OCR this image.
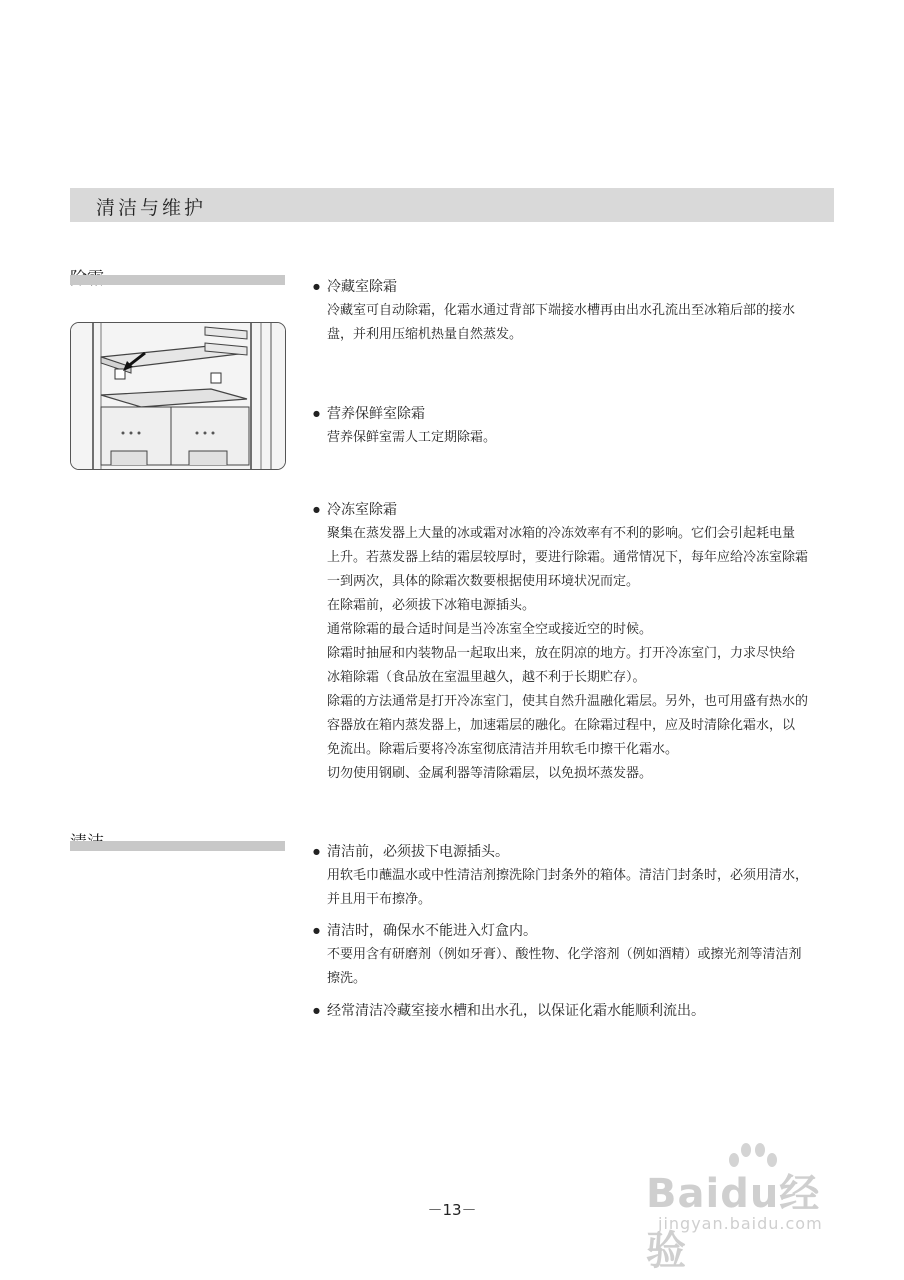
清洁与维护
● 冷藏室除霜
冷藏室可自动除霜，化霜水通过背部下端接水槽再由出水孔流出至冰箱后部的接水
盘，并利用压缩机热量自然蒸发。
● 营养保鲜室除霜
营养保鲜室需人工定期除霜。
● 冷冻室除霜
聚集在蒸发器上大量的冰或霜对冰箱的冷冻效率有不利的影响。它们会引起耗电量
上升。若蒸发器上结的霜层较厚时，要进行除霜。通常情况下，每年应给冷冻室除霜
一到两次，具体的除霜次数要根据使用环境状况而定。
在除霜前，必须拔下冰箱电源插头。
通常除霜的最合适时间是当冷冻室全空或接近空的时候。
除霜时抽屉和内装物品一起取出来，放在阴凉的地方。打开冷冻室门，力求尽快给
冰箱除霜（食品放在室温里越久，越不利于长期贮存）。
除霜的方法通常是打开冷冻室门，使其自然升温融化霜层。另外，也可用盛有热水的
容器放在箱内蒸发器上，加速霜层的融化。在除霜过程中，应及时清除化霜水，以
免流出。除霜后要将冷冻室彻底清洁并用软毛巾擦干化霜水。
切勿使用钢刷、金属利器等清除霜层，以免损坏蒸发器。
● 清洁前，必须拔下电源插头。
用软毛巾蘸温水或中性清洁剂擦洗除门封条外的箱体。清洁门封条时，必须用清水，
并且用干布擦净。
● 清洁时，确保水不能进入灯盒内。
不要用含有研磨剂（例如牙膏）、酸性物、化学溶剂（例如酒精）或擦光剂等清洁剂
擦洗。
● 经常清洁冷藏室接水槽和出水孔，以保证化霜水能顺利流出。
－13－	Baidu经验
jingyan.baidu.com
